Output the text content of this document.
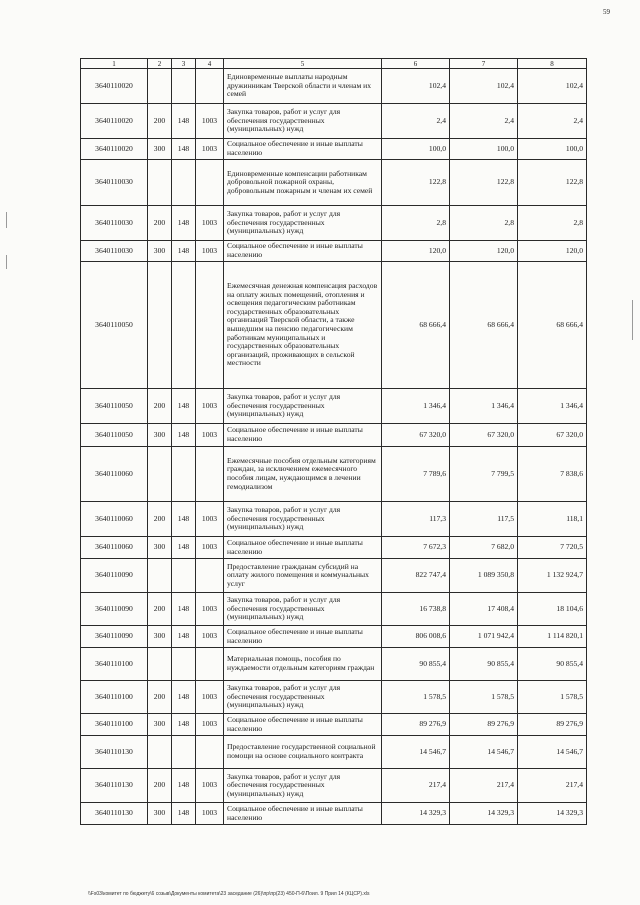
59
1	2	3	4	5	6	7	8
3640110020				Единовременные выплаты народным дружинникам Тверской области и членам их семей	102,4	102,4	102,4
3640110020	200	148	1003	Закупка товаров, работ и услуг для обеспечения государственных (муниципальных) нужд	2,4	2,4	2,4
3640110020	300	148	1003	Социальное обеспечение и иные выплаты населению	100,0	100,0	100,0
3640110030				Единовременные компенсации работникам добровольной пожарной охраны, добровольным пожарным и членам их семей	122,8	122,8	122,8
3640110030	200	148	1003	Закупка товаров, работ и услуг для обеспечения государственных (муниципальных) нужд	2,8	2,8	2,8
3640110030	300	148	1003	Социальное обеспечение и иные выплаты населению	120,0	120,0	120,0
3640110050				Ежемесячная денежная компенсация расходов на оплату жилых помещений, отопления и освещения педагогическим работникам государственных образовательных организаций Тверской области, а также вышедшим на пенсию педагогическим работникам муниципальных и государственных образовательных организаций, проживающих в сельской местности	68 666,4	68 666,4	68 666,4
3640110050	200	148	1003	Закупка товаров, работ и услуг для обеспечения государственных (муниципальных) нужд	1 346,4	1 346,4	1 346,4
3640110050	300	148	1003	Социальное обеспечение и иные выплаты населению	67 320,0	67 320,0	67 320,0
3640110060				Ежемесячные пособия отдельным категориям граждан, за исключением ежемесячного пособия лицам, нуждающимся в лечении гемодиализом	7 789,6	7 799,5	7 838,6
3640110060	200	148	1003	Закупка товаров, работ и услуг для обеспечения государственных (муниципальных) нужд	117,3	117,5	118,1
3640110060	300	148	1003	Социальное обеспечение и иные выплаты населению	7 672,3	7 682,0	7 720,5
3640110090				Предоставление гражданам субсидий на оплату жилого помещения и коммунальных услуг	822 747,4	1 089 350,8	1 132 924,7
3640110090	200	148	1003	Закупка товаров, работ и услуг для обеспечения государственных (муниципальных) нужд	16 738,8	17 408,4	18 104,6
3640110090	300	148	1003	Социальное обеспечение и иные выплаты населению	806 008,6	1 071 942,4	1 114 820,1
3640110100				Материальная помощь, пособия по нуждаемости отдельным категориям граждан	90 855,4	90 855,4	90 855,4
3640110100	200	148	1003	Закупка товаров, работ и услуг для обеспечения государственных (муниципальных) нужд	1 578,5	1 578,5	1 578,5
3640110100	300	148	1003	Социальное обеспечение и иные выплаты населению	89 276,9	89 276,9	89 276,9
3640110130				Предоставление государственной социальной помощи на основе социального контракта	14 546,7	14 546,7	14 546,7
3640110130	200	148	1003	Закупка товаров, работ и услуг для обеспечения государственных (муниципальных) нужд	217,4	217,4	217,4
3640110130	300	148	1003	Социальное обеспечение и иные выплаты населению	14 329,3	14 329,3	14 329,3
\\Fs03\комитет по бюджету\6 созыв\Документы комитета\23 заседание (26)\пр\пр(23) 450-П-6\Поил. 9 Прил 14 (КЦСР).xls
